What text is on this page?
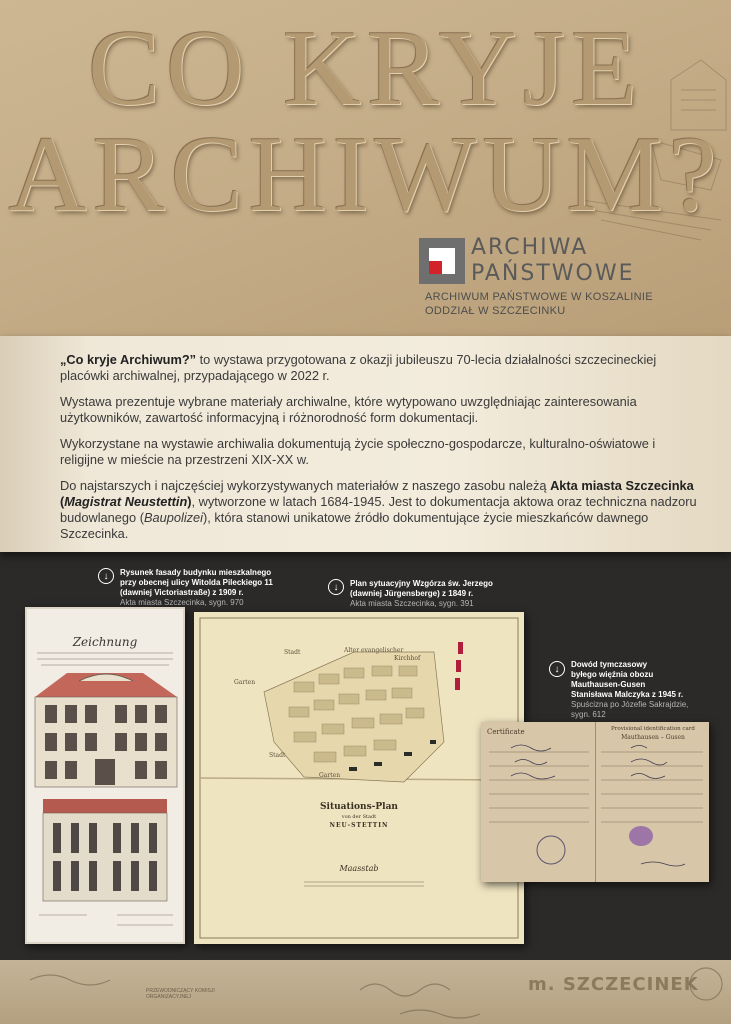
CO KRYJE
ARCHIWUM?
ARCHIWA
PAŃSTWOWE
ARCHIWUM PAŃSTWOWE W KOSZALINIE
ODDZIAŁ W SZCZECINKU
„Co kryje Archiwum?” to wystawa przygotowana z okazji jubileuszu 70-lecia działalności szczecineckiej placówki archiwalnej, przypadającego w 2022 r.
Wystawa prezentuje wybrane materiały archiwalne, które wytypowano uwzględniając zainteresowania użytkowników, zawartość informacyjną i różnorodność form dokumentacji.
Wykorzystane na wystawie archiwalia dokumentują życie społeczno-gospodarcze, kulturalno-oświatowe i religijne w mieście na przestrzeni XIX-XX w.
Do najstarszych i najczęściej wykorzystywanych materiałów z naszego zasobu należą Akta miasta Szczecinka (Magistrat Neustettin), wytworzone w latach 1684-1945. Jest to dokumentacja aktowa oraz techniczna nadzoru budowlanego (Baupolizei), która stanowi unikatowe źródło dokumentujące życie mieszkańców dawnego Szczecinka.
↓	Rysunek fasady budynku mieszkalnego
przy obecnej ulicy Witolda Pileckiego 11
(dawniej Victoriastraße) z 1909 r.
Akta miasta Szczecinka, sygn. 970
↓	Plan sytuacyjny Wzgórza św. Jerzego
(dawniej Jürgensberge) z 1849 r.
Akta miasta Szczecinka, sygn. 391
↓	Dowód tymczasowy
byłego więźnia obozu
Mauthausen-Gusen
Stanisława Malczyka z 1945 r.
Spuścizna po Józefie Sakrajdzie,
sygn. 612
Zeichnung
Alter evangelischer
Kirchhof
Stadt
Garten
Stadt
Garten
Situations-Plan
von der Stadt
NEU-STETTIN
Maasstab
Certificate	Provisional identification card
Mauthausen – Gusen
m. SZCZECINEK
PRZEWODNICZĄCY KOMISJI ORGANIZACYJNEJ
